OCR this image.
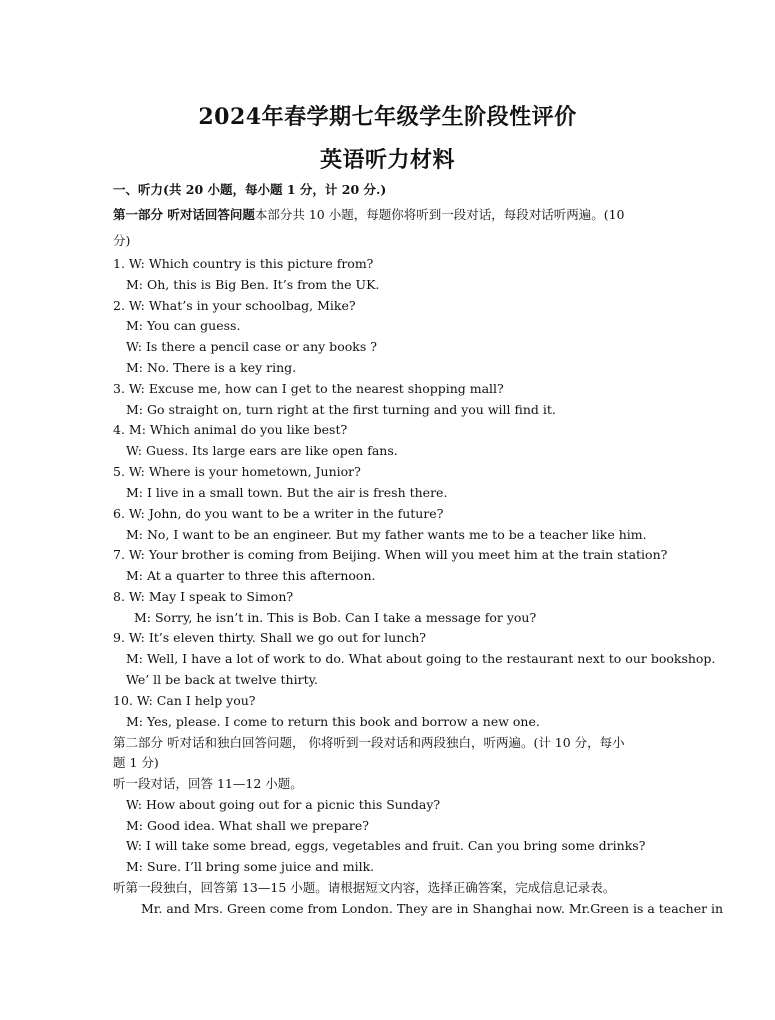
2024年春学期七年级学生阶段性评价
英语听力材料
一、听力(共 20 小题，每小题 1 分，计 20 分.)
第一部分 听对话回答问题本部分共 10 小题，每题你将听到一段对话，每段对话听两遍。(10
分)
1. W: Which country is this picture from?
M: Oh, this is Big Ben. It’s from the UK.
2. W: What’s in your schoolbag, Mike?
M: You can guess.
W: Is there a pencil case or any books ?
M: No. There is a key ring.
3. W: Excuse me, how can I get to the nearest shopping mall?
M: Go straight on, turn right at the first turning and you will find it.
4. M: Which animal do you like best?
W: Guess. Its large ears are like open fans.
5. W: Where is your hometown, Junior?
M: I live in a small town. But the air is fresh there.
6. W: John, do you want to be a writer in the future?
M: No, I want to be an engineer. But my father wants me to be a teacher like him.
7. W: Your brother is coming from Beijing. When will you meet him at the train station?
M: At a quarter to three this afternoon.
8. W: May I speak to Simon?
M: Sorry, he isn’t in. This is Bob. Can I take a message for you?
9. W: It’s eleven thirty. Shall we go out for lunch?
M: Well, I have a lot of work to do. What about going to the restaurant next to our bookshop.
We’ ll be back at twelve thirty.
10. W: Can I help you?
M: Yes, please. I come to return this book and borrow a new one.
第二部分 听对话和独白回答问题， 你将听到一段对话和两段独白，听两遍。(计 10 分，每小
题 1 分)
听一段对话，回答 11—12 小题。
W: How about going out for a picnic this Sunday?
M: Good idea. What shall we prepare?
W: I will take some bread, eggs, vegetables and fruit. Can you bring some drinks?
M: Sure. I’ll bring some juice and milk.
听第一段独白，回答第 13—15 小题。请根据短文内容，选择正确答案，完成信息记录表。
Mr. and Mrs. Green come from London. They are in Shanghai now. Mr.Green is a teacher in
